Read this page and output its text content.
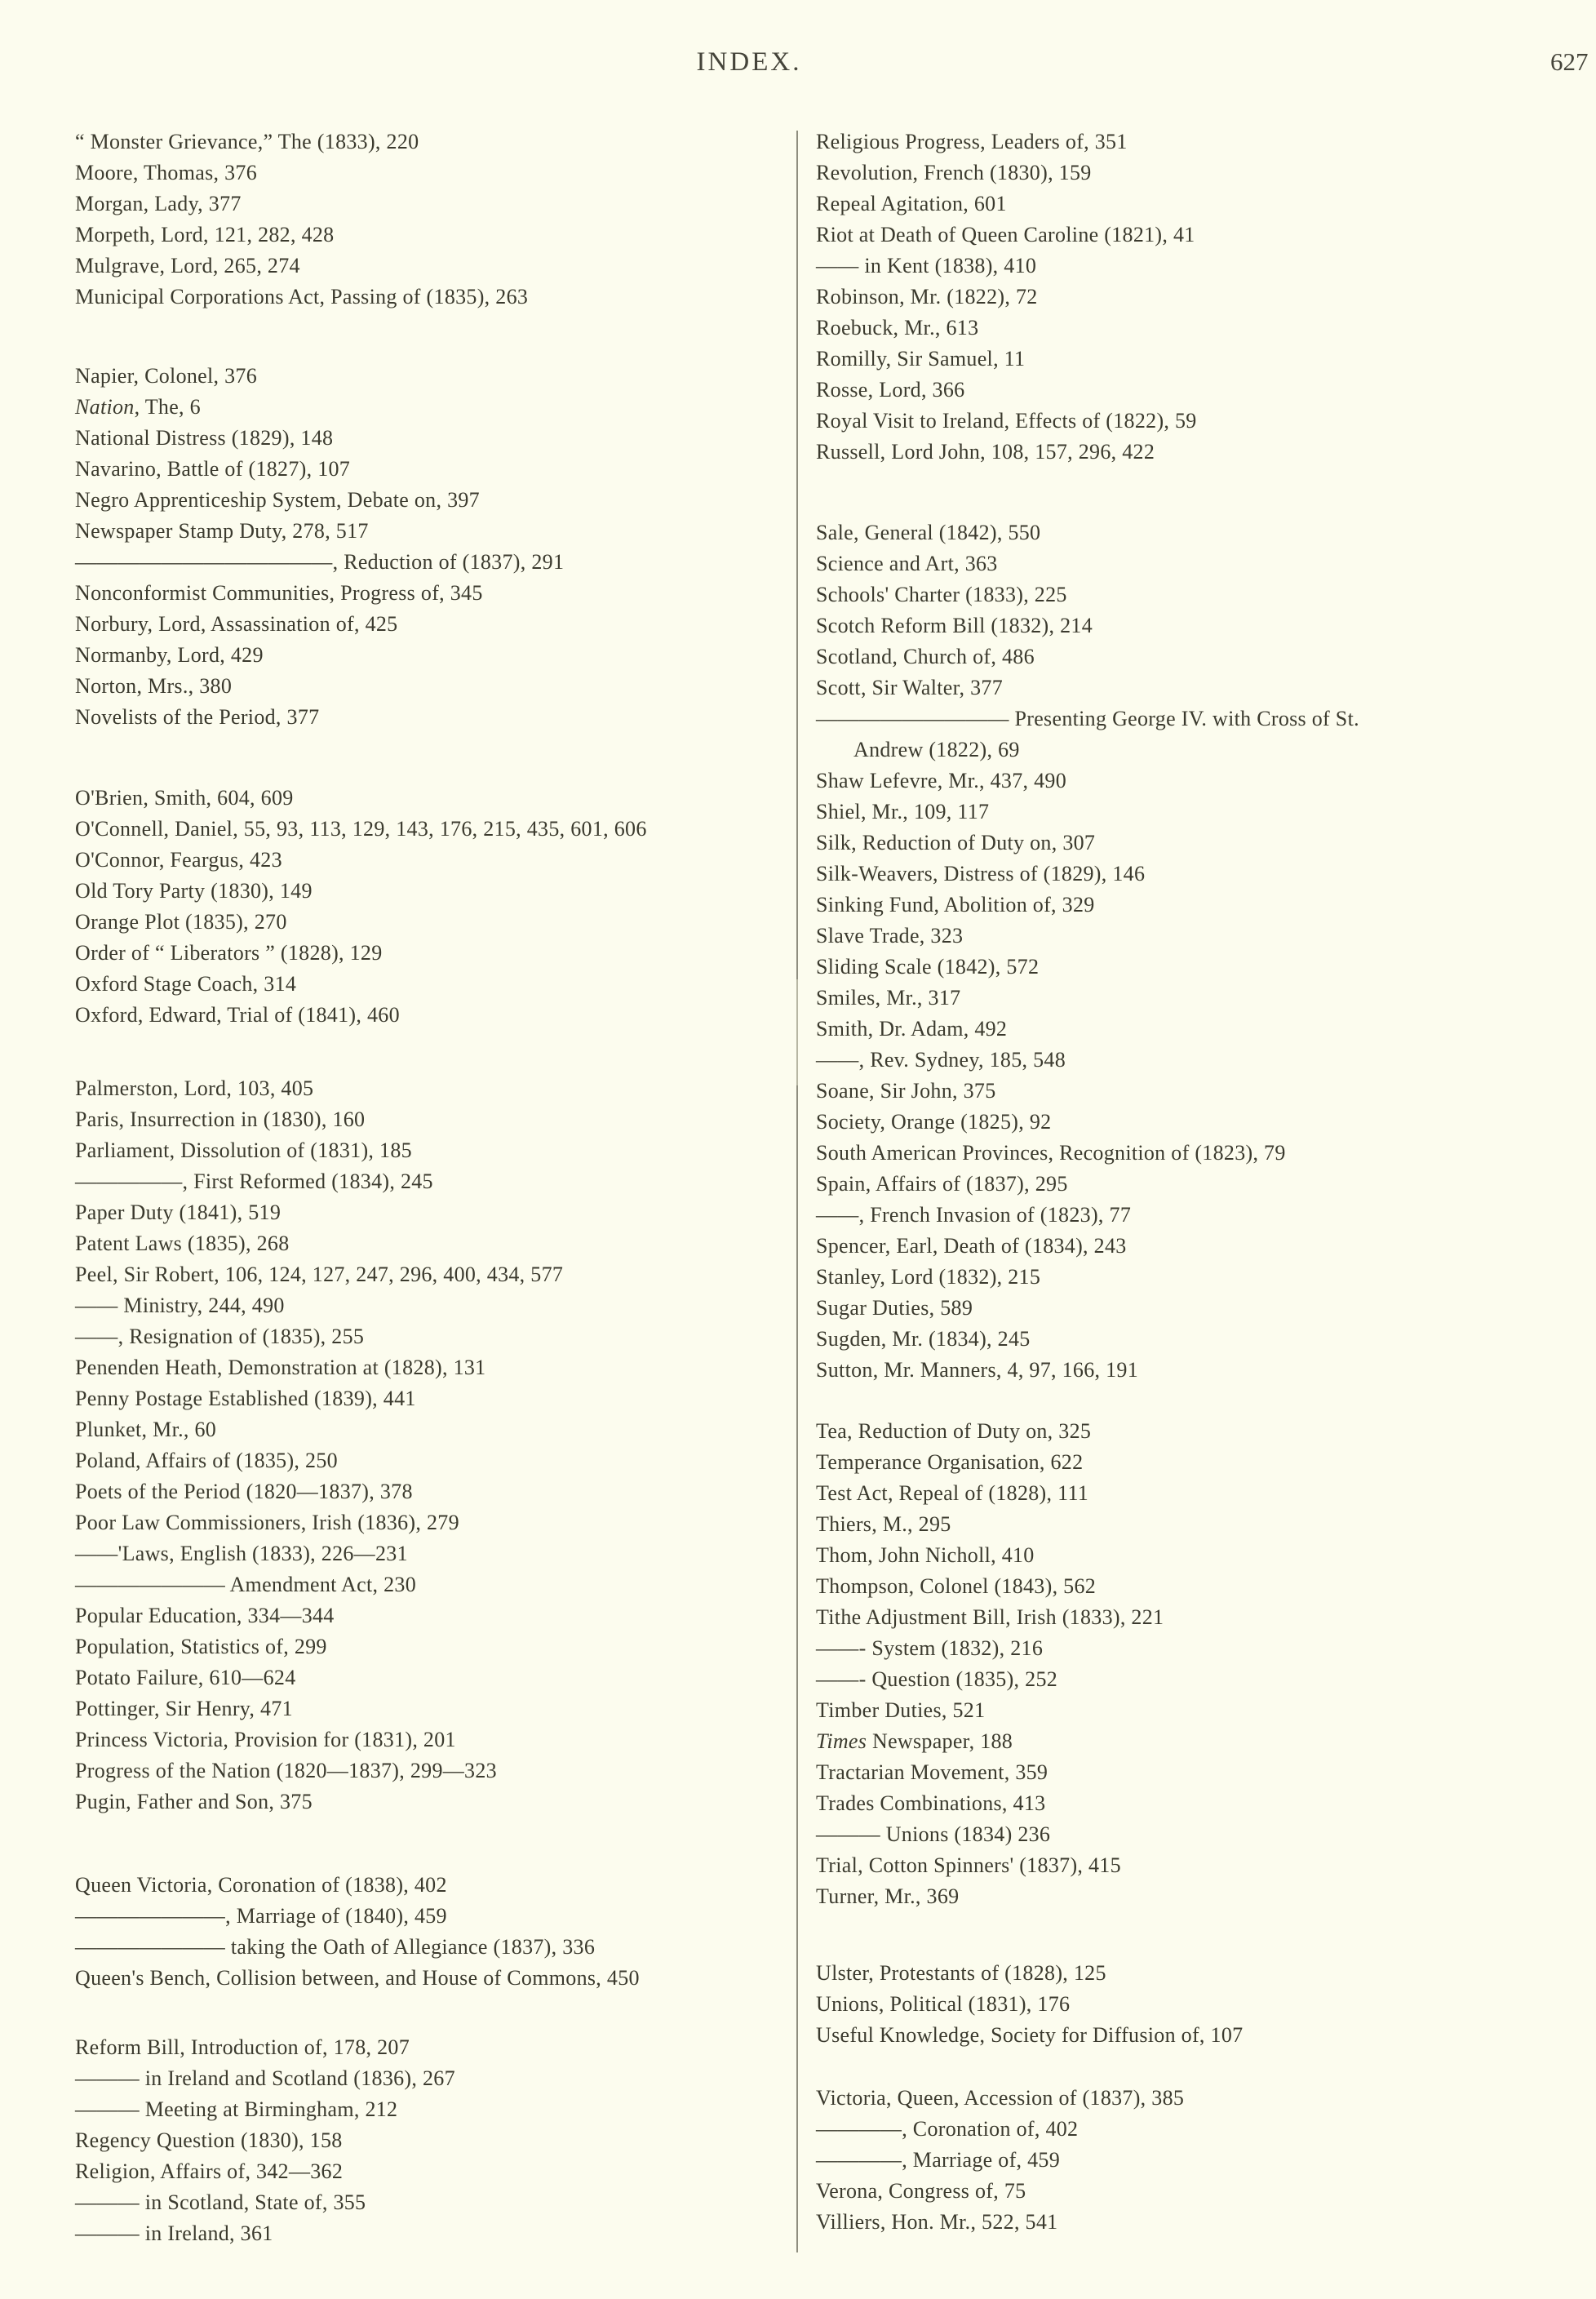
INDEX.	627
“ Monster Grievance,” The (1833), 220
Moore, Thomas, 376
Morgan, Lady, 377
Morpeth, Lord, 121, 282, 428
Mulgrave, Lord, 265, 274
Municipal Corporations Act, Passing of (1835), 263
Napier, Colonel, 376
Nation, The, 6
National Distress (1829), 148
Navarino, Battle of (1827), 107
Negro Apprenticeship System, Debate on, 397
Newspaper Stamp Duty, 278, 517
————————————, Reduction of (1837), 291
Nonconformist Communities, Progress of, 345
Norbury, Lord, Assassination of, 425
Normanby, Lord, 429
Norton, Mrs., 380
Novelists of the Period, 377
O'Brien, Smith, 604, 609
O'Connell, Daniel, 55, 93, 113, 129, 143, 176, 215, 435, 601, 606
O'Connor, Feargus, 423
Old Tory Party (1830), 149
Orange Plot (1835), 270
Order of “ Liberators ” (1828), 129
Oxford Stage Coach, 314
Oxford, Edward, Trial of (1841), 460
Palmerston, Lord, 103, 405
Paris, Insurrection in (1830), 160
Parliament, Dissolution of (1831), 185
—————, First Reformed (1834), 245
Paper Duty (1841), 519
Patent Laws (1835), 268
Peel, Sir Robert, 106, 124, 127, 247, 296, 400, 434, 577
—— Ministry, 244, 490
——, Resignation of (1835), 255
Penenden Heath, Demonstration at (1828), 131
Penny Postage Established (1839), 441
Plunket, Mr., 60
Poland, Affairs of (1835), 250
Poets of the Period (1820—1837), 378
Poor Law Commissioners, Irish (1836), 279
——'Laws, English (1833), 226—231
——————— Amendment Act, 230
Popular Education, 334—344
Population, Statistics of, 299
Potato Failure, 610—624
Pottinger, Sir Henry, 471
Princess Victoria, Provision for (1831), 201
Progress of the Nation (1820—1837), 299—323
Pugin, Father and Son, 375
Queen Victoria, Coronation of (1838), 402
———————, Marriage of (1840), 459
——————— taking the Oath of Allegiance (1837), 336
Queen's Bench, Collision between, and House of Commons, 450
Reform Bill, Introduction of, 178, 207
——— in Ireland and Scotland (1836), 267
——— Meeting at Birmingham, 212
Regency Question (1830), 158
Religion, Affairs of, 342—362
——— in Scotland, State of, 355
——— in Ireland, 361
Religious Progress, Leaders of, 351
Revolution, French (1830), 159
Repeal Agitation, 601
Riot at Death of Queen Caroline (1821), 41
—— in Kent (1838), 410
Robinson, Mr. (1822), 72
Roebuck, Mr., 613
Romilly, Sir Samuel, 11
Rosse, Lord, 366
Royal Visit to Ireland, Effects of (1822), 59
Russell, Lord John, 108, 157, 296, 422
Sale, General (1842), 550
Science and Art, 363
Schools' Charter (1833), 225
Scotch Reform Bill (1832), 214
Scotland, Church of, 486
Scott, Sir Walter, 377
————————— Presenting George IV. with Cross of St.
Andrew (1822), 69
Shaw Lefevre, Mr., 437, 490
Shiel, Mr., 109, 117
Silk, Reduction of Duty on, 307
Silk-Weavers, Distress of (1829), 146
Sinking Fund, Abolition of, 329
Slave Trade, 323
Sliding Scale (1842), 572
Smiles, Mr., 317
Smith, Dr. Adam, 492
——, Rev. Sydney, 185, 548
Soane, Sir John, 375
Society, Orange (1825), 92
South American Provinces, Recognition of (1823), 79
Spain, Affairs of (1837), 295
——, French Invasion of (1823), 77
Spencer, Earl, Death of (1834), 243
Stanley, Lord (1832), 215
Sugar Duties, 589
Sugden, Mr. (1834), 245
Sutton, Mr. Manners, 4, 97, 166, 191
Tea, Reduction of Duty on, 325
Temperance Organisation, 622
Test Act, Repeal of (1828), 111
Thiers, M., 295
Thom, John Nicholl, 410
Thompson, Colonel (1843), 562
Tithe Adjustment Bill, Irish (1833), 221
——- System (1832), 216
——- Question (1835), 252
Timber Duties, 521
Times Newspaper, 188
Tractarian Movement, 359
Trades Combinations, 413
——— Unions (1834) 236
Trial, Cotton Spinners' (1837), 415
Turner, Mr., 369
Ulster, Protestants of (1828), 125
Unions, Political (1831), 176
Useful Knowledge, Society for Diffusion of, 107
Victoria, Queen, Accession of (1837), 385
————, Coronation of, 402
————, Marriage of, 459
Verona, Congress of, 75
Villiers, Hon. Mr., 522, 541
